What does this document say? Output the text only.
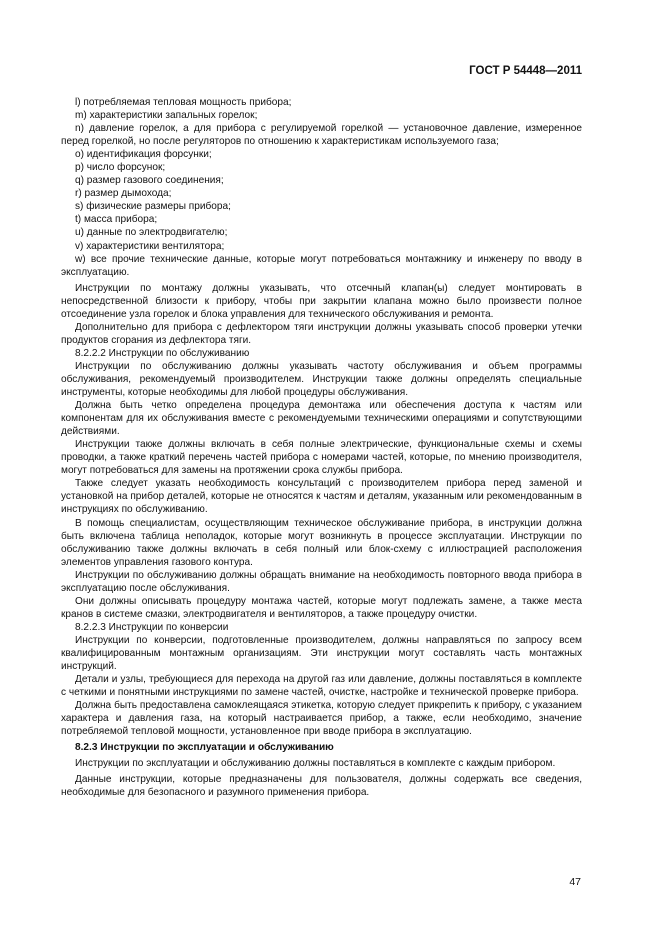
ГОСТ Р 54448—2011

l) потребляемая тепловая мощность прибора;

m) характеристики запальных горелок;

n) давление горелок, а для прибора с регулируемой горелкой — установочное давление, измеренное перед горелкой, но после регуляторов по отношению к характеристикам используемого газа;

o) идентификация форсунки;

p) число форсунок;

q) размер газового соединения;

r) размер дымохода;

s) физические размеры прибора;

t) масса прибора;

u) данные по электродвигателю;

v) характеристики вентилятора;

w) все прочие технические данные, которые могут потребоваться монтажнику и инженеру по вводу в эксплуатацию.

Инструкции по монтажу должны указывать, что отсечный клапан(ы) следует монтировать в непосредственной близости к прибору, чтобы при закрытии клапана можно было произвести полное отсоединение узла горелок и блока управления для технического обслуживания и ремонта.

Дополнительно для прибора с дефлектором тяги инструкции должны указывать способ проверки утечки продуктов сгорания из дефлектора тяги.

8.2.2.2 Инструкции по обслуживанию

Инструкции по обслуживанию должны указывать частоту обслуживания и объем программы обслуживания, рекомендуемый производителем. Инструкции также должны определять специальные инструменты, которые необходимы для любой процедуры обслуживания.

Должна быть четко определена процедура демонтажа или обеспечения доступа к частям или компонентам для их обслуживания вместе с рекомендуемыми техническими операциями и сопутствующими действиями.

Инструкции также должны включать в себя полные электрические, функциональные схемы и схемы проводки, а также краткий перечень частей прибора с номерами частей, которые, по мнению производителя, могут потребоваться для замены на протяжении срока службы прибора.

Также следует указать необходимость консультаций с производителем прибора перед заменой и установкой на прибор деталей, которые не относятся к частям и деталям, указанным или рекомендованным в инструкциях по обслуживанию.

В помощь специалистам, осуществляющим техническое обслуживание прибора, в инструкции должна быть включена таблица неполадок, которые могут возникнуть в процессе эксплуатации. Инструкции по обслуживанию также должны включать в себя полный или блок-схему с иллюстрацией расположения элементов управления газового контура.

Инструкции по обслуживанию должны обращать внимание на необходимость повторного ввода прибора в эксплуатацию после обслуживания.

Они должны описывать процедуру монтажа частей, которые могут подлежать замене, а также места кранов в системе смазки, электродвигателя и вентиляторов, а также процедуру очистки.

8.2.2.3 Инструкции по конверсии

Инструкции по конверсии, подготовленные производителем, должны направляться по запросу всем квалифицированным монтажным организациям. Эти инструкции могут составлять часть монтажных инструкций.

Детали и узлы, требующиеся для перехода на другой газ или давление, должны поставляться в комплекте с четкими и понятными инструкциями по замене частей, очистке, настройке и технической проверке прибора.

Должна быть предоставлена самоклеящаяся этикетка, которую следует прикрепить к прибору, с указанием характера и давления газа, на который настраивается прибор, а также, если необходимо, значение потребляемой тепловой мощности, установленное при вводе прибора в эксплуатацию.

8.2.3 Инструкции по эксплуатации и обслуживанию

Инструкции по эксплуатации и обслуживанию должны поставляться в комплекте с каждым прибором.

Данные инструкции, которые предназначены для пользователя, должны содержать все сведения, необходимые для безопасного и разумного применения прибора.

47
